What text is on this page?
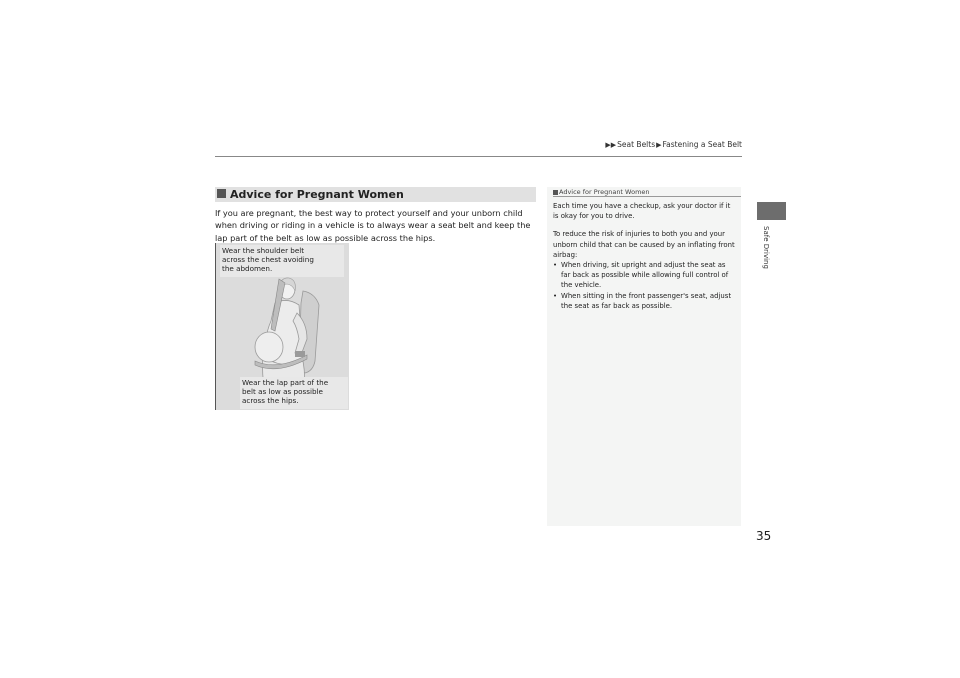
▶▶Seat Belts▶Fastening a Seat Belt
Safe Driving
Advice for Pregnant Women
If you are pregnant, the best way to protect yourself and your unborn child when driving or riding in a vehicle is to always wear a seat belt and keep the lap part of the belt as low as possible across the hips.
Wear the shoulder belt
across the chest avoiding
the abdomen.
Wear the lap part of the
belt as low as possible
across the hips.
Advice for Pregnant Women

Each time you have a checkup, ask your doctor if it is okay for you to drive.

To reduce the risk of injuries to both you and your unborn child that can be caused by an inflating front airbag:
• When driving, sit upright and adjust the seat as far back as possible while allowing full control of the vehicle.
• When sitting in the front passenger's seat, adjust the seat as far back as possible.
35
